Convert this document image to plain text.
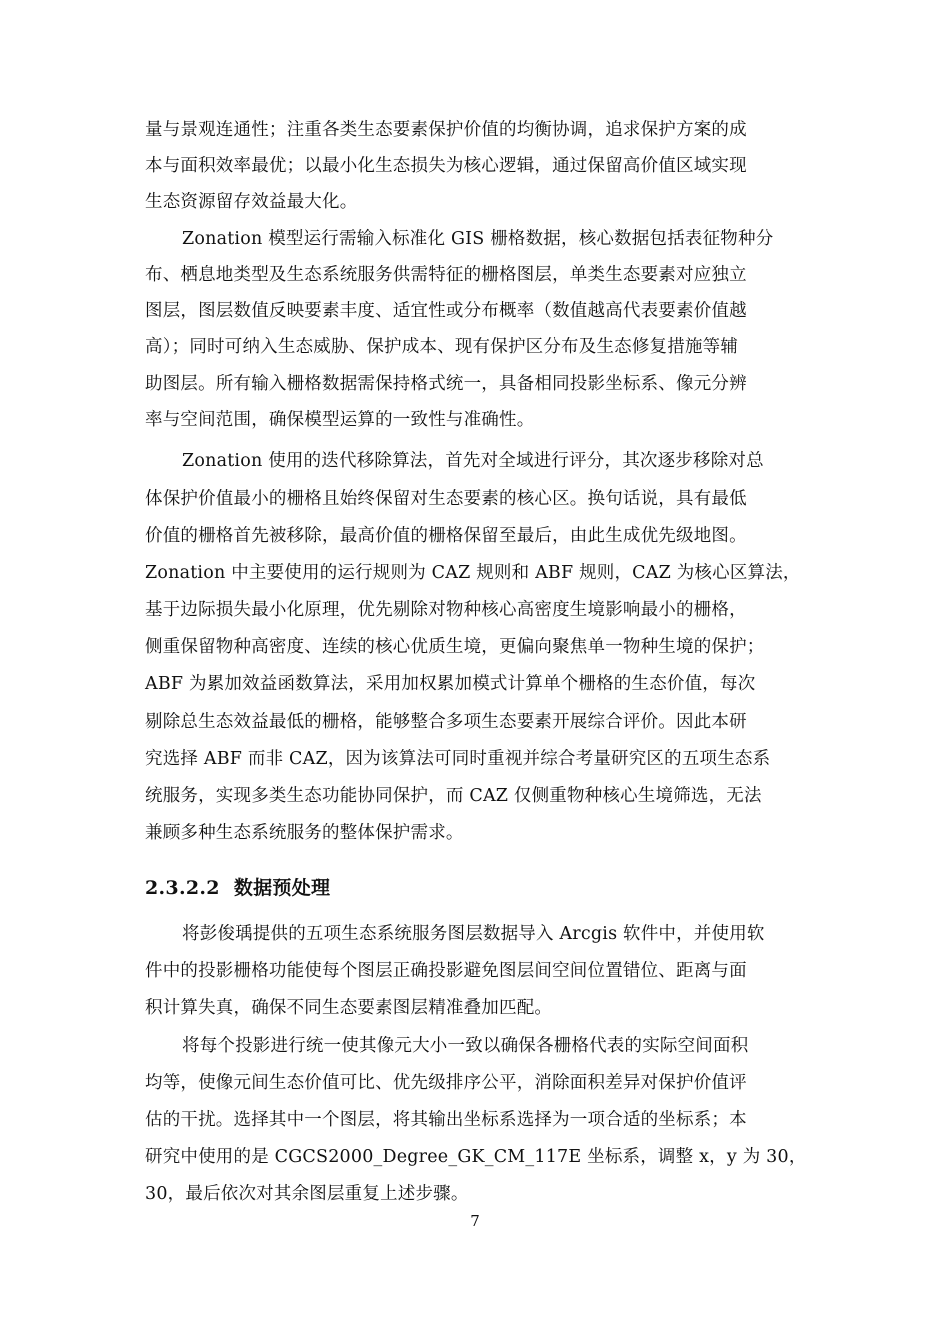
量与景观连通性；注重各类生态要素保护价值的均衡协调，追求保护方案的成
本与面积效率最优；以最小化生态损失为核心逻辑，通过保留高价值区域实现
生态资源留存效益最大化。
Zonation 模型运行需输入标准化 GIS 栅格数据，核心数据包括表征物种分
布、栖息地类型及生态系统服务供需特征的栅格图层，单类生态要素对应独立
图层，图层数值反映要素丰度、适宜性或分布概率（数值越高代表要素价值越
高）；同时可纳入生态威胁、保护成本、现有保护区分布及生态修复措施等辅
助图层。所有输入栅格数据需保持格式统一，具备相同投影坐标系、像元分辨
率与空间范围，确保模型运算的一致性与准确性。
Zonation 使用的迭代移除算法，首先对全域进行评分，其次逐步移除对总
体保护价值最小的栅格且始终保留对生态要素的核心区。换句话说，具有最低
价值的栅格首先被移除，最高价值的栅格保留至最后，由此生成优先级地图。
Zonation 中主要使用的运行规则为 CAZ 规则和 ABF 规则，CAZ 为核心区算法，
基于边际损失最小化原理，优先剔除对物种核心高密度生境影响最小的栅格，
侧重保留物种高密度、连续的核心优质生境，更偏向聚焦单一物种生境的保护；
ABF 为累加效益函数算法，采用加权累加模式计算单个栅格的生态价值，每次
剔除总生态效益最低的栅格，能够整合多项生态要素开展综合评价。因此本研
究选择 ABF 而非 CAZ，因为该算法可同时重视并综合考量研究区的五项生态系
统服务，实现多类生态功能协同保护，而 CAZ 仅侧重物种核心生境筛选，无法
兼顾多种生态系统服务的整体保护需求。
2.3.2.2 数据预处理
将彭俊瑀提供的五项生态系统服务图层数据导入 Arcgis 软件中，并使用软
件中的投影栅格功能使每个图层正确投影避免图层间空间位置错位、距离与面
积计算失真，确保不同生态要素图层精准叠加匹配。
将每个投影进行统一使其像元大小一致以确保各栅格代表的实际空间面积
均等，使像元间生态价值可比、优先级排序公平，消除面积差异对保护价值评
估的干扰。选择其中一个图层，将其输出坐标系选择为一项合适的坐标系；本
研究中使用的是 CGCS2000_Degree_GK_CM_117E 坐标系，调整 x，y 为 30，
30，最后依次对其余图层重复上述步骤。
7
